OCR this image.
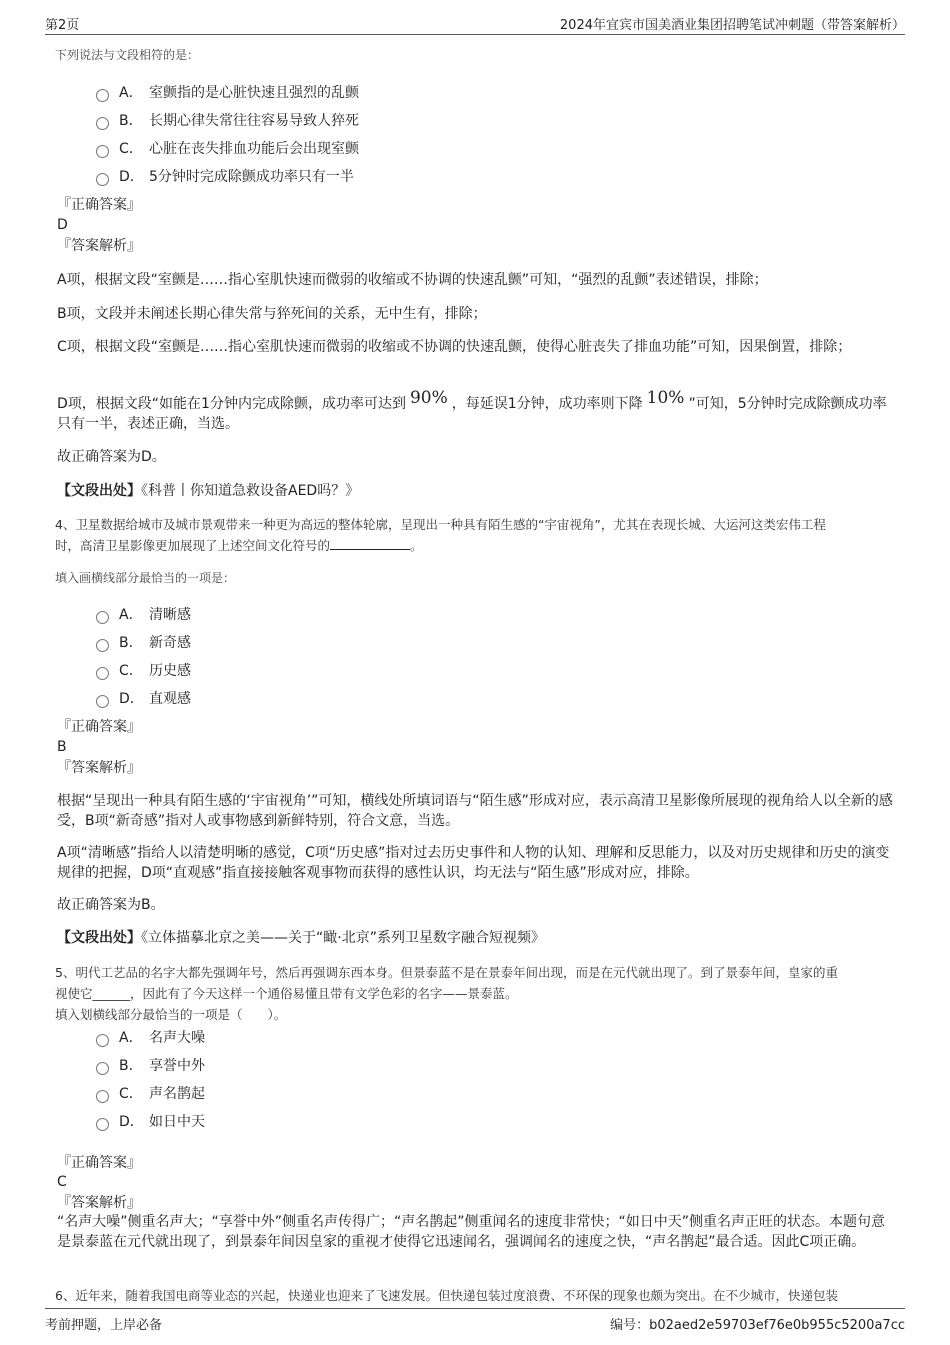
第2页	2024年宜宾市国美酒业集团招聘笔试冲刺题（带答案解析）
下列说法与文段相符的是：
A． 室颤指的是心脏快速且强烈的乱颤
B． 长期心律失常往往容易导致人猝死
C． 心脏在丧失排血功能后会出现室颤
D． 5分钟时完成除颤成功率只有一半
『正确答案』
D
『答案解析』
A项，根据文段“室颤是……指心室肌快速而微弱的收缩或不协调的快速乱颤”可知，“强烈的乱颤”表述错误，排除；
B项，文段并未阐述长期心律失常与猝死间的关系，无中生有，排除；
C项，根据文段“室颤是……指心室肌快速而微弱的收缩或不协调的快速乱颤，使得心脏丧失了排血功能”可知，因果倒置，排除；
D项，根据文段“如能在1分钟内完成除颤，成功率可达到 90% ，每延误1分钟，成功率则下降 10% ”可知，5分钟时完成除颤成功率只有一半，表述正确，当选。
故正确答案为D。
【文段出处】《科普丨你知道急救设备AED吗？》
4、卫星数据给城市及城市景观带来一种更为高远的整体轮廓，呈现出一种具有陌生感的“宇宙视角”，尤其在表现长城、大运河这类宏伟工程
时，高清卫星影像更加展现了上述空间文化符号的	。
填入画横线部分最恰当的一项是：
A． 清晰感
B． 新奇感
C． 历史感
D． 直观感
『正确答案』
B
『答案解析』
根据“呈现出一种具有陌生感的‘宇宙视角’”可知，横线处所填词语与“陌生感”形成对应，表示高清卫星影像所展现的视角给人以全新的感受，B项“新奇感”指对人或事物感到新鲜特别，符合文意，当选。
A项“清晰感”指给人以清楚明晰的感觉，C项“历史感”指对过去历史事件和人物的认知、理解和反思能力，以及对历史规律和历史的演变规律的把握，D项“直观感”指直接接触客观事物而获得的感性认识，均无法与“陌生感”形成对应，排除。
故正确答案为B。
【文段出处】《立体描摹北京之美——关于“瞰·北京”系列卫星数字融合短视频》
5、明代工艺品的名字大都先强调年号，然后再强调东西本身。但景泰蓝不是在景泰年间出现，而是在元代就出现了。到了景泰年间，皇家的重
视使它______，因此有了今天这样一个通俗易懂且带有文学色彩的名字——景泰蓝。
填入划横线部分最恰当的一项是（　　）。
A． 名声大噪
B． 享誉中外
C． 声名鹊起
D． 如日中天
『正确答案』
C
『答案解析』
“名声大噪”侧重名声大；“享誉中外”侧重名声传得广；“声名鹊起”侧重闻名的速度非常快；“如日中天”侧重名声正旺的状态。本题句意是景泰蓝在元代就出现了，到景泰年间因皇家的重视才使得它迅速闻名，强调闻名的速度之快，“声名鹊起”最合适。因此C项正确。
6、近年来，随着我国电商等业态的兴起，快递业也迎来了飞速发展。但快递包装过度浪费、不环保的现象也颇为突出。在不少城市，快递包装
考前押题，上岸必备	编号：b02aed2e59703ef76e0b955c5200a7cc
